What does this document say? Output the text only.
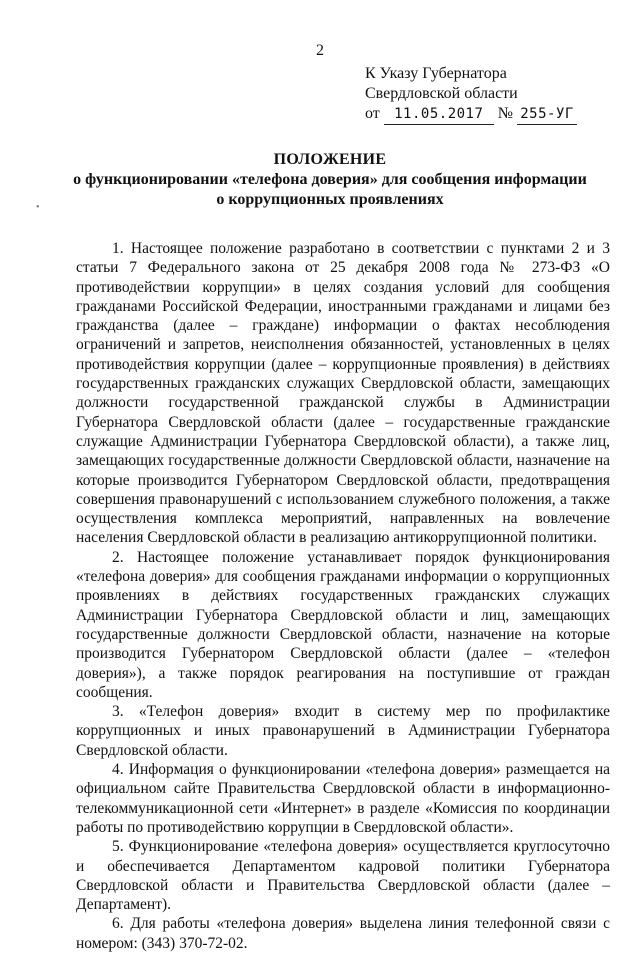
2
К Указу Губернатора
Свердловской области
от 11.05.2017 № 255-УГ
ПОЛОЖЕНИЕ
о функционировании «телефона доверия» для сообщения информации
о коррупционных проявлениях
•

1. Настоящее положение разработано в соответствии с пунктами 2 и 3 статьи 7 Федерального закона от 25 декабря 2008 года № 273-ФЗ «О противодействии коррупции» в целях создания условий для сообщения гражданами Российской Федерации, иностранными гражданами и лицами без гражданства (далее – граждане) информации о фактах несоблюдения ограничений и запретов, неисполнения обязанностей, установленных в целях противодействия коррупции (далее – коррупционные проявления) в действиях государственных гражданских служащих Свердловской области, замещающих должности государственной гражданской службы в Администрации Губернатора Свердловской области (далее – государственные гражданские служащие Администрации Губернатора Свердловской области), а также лиц, замещающих государственные должности Свердловской области, назначение на которые производится Губернатором Свердловской области, предотвращения совершения правонарушений с использованием служебного положения, а также осуществления комплекса мероприятий, направленных на вовлечение населения Свердловской области в реализацию антикоррупционной политики.

2. Настоящее положение устанавливает порядок функционирования «телефона доверия» для сообщения гражданами информации о коррупционных проявлениях в действиях государственных гражданских служащих Администрации Губернатора Свердловской области и лиц, замещающих государственные должности Свердловской области, назначение на которые производится Губернатором Свердловской области (далее – «телефон доверия»), а также порядок реагирования на поступившие от граждан сообщения.

3. «Телефон доверия» входит в систему мер по профилактике коррупционных и иных правонарушений в Администрации Губернатора Свердловской области.

4. Информация о функционировании «телефона доверия» размещается на официальном сайте Правительства Свердловской области в информационно-телекоммуникационной сети «Интернет» в разделе «Комиссия по координации работы по противодействию коррупции в Свердловской области».

5. Функционирование «телефона доверия» осуществляется круглосуточно и обеспечивается Департаментом кадровой политики Губернатора Свердловской области и Правительства Свердловской области (далее – Департамент).

6. Для работы «телефона доверия» выделена линия телефонной связи с номером: (343) 370-72-02.
